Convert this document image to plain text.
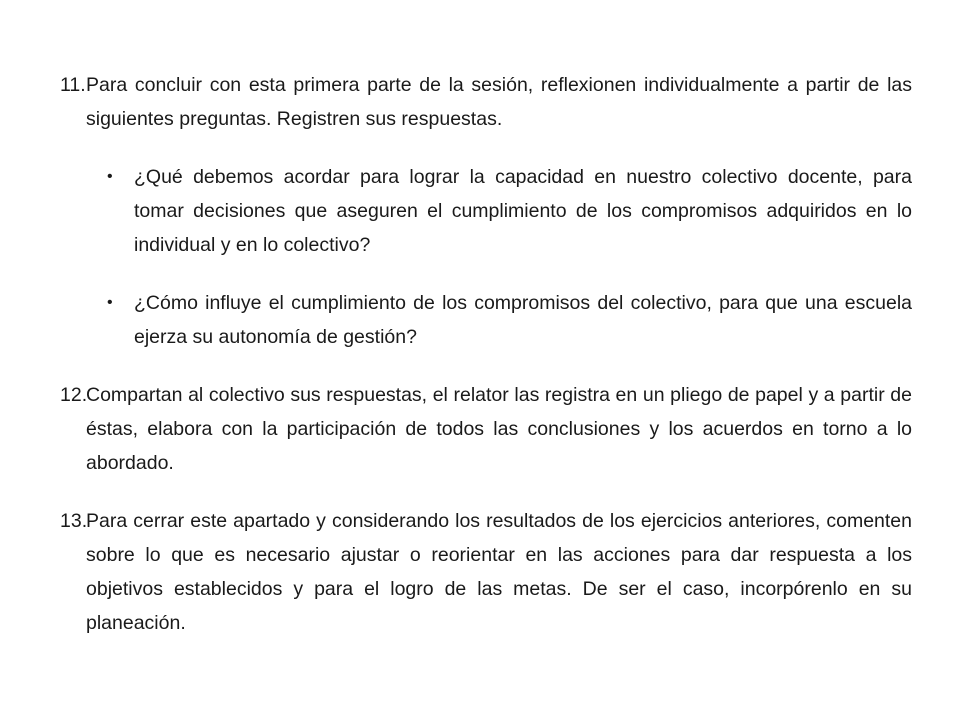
11. Para concluir con esta primera parte de la sesión, reflexionen individualmente a partir de las siguientes preguntas. Registren sus respuestas.
• ¿Qué debemos acordar para lograr la capacidad en nuestro colectivo docente, para tomar decisiones que aseguren el cumplimiento de los compromisos adquiridos en lo individual y en lo colectivo?
• ¿Cómo influye el cumplimiento de los compromisos del colectivo, para que una escuela ejerza su autonomía de gestión?
12.
Compartan al colectivo sus respuestas, el relator las registra en un pliego de papel y a partir de éstas, elabora con la participación de todos las conclusiones y los acuerdos en torno a lo abordado.
13.
Para cerrar este apartado y considerando los resultados de los ejercicios anteriores, comenten sobre lo que es necesario ajustar o reorientar en las acciones para dar respuesta a los objetivos establecidos y para el logro de las metas. De ser el caso, incorpórenlo en su planeación.
